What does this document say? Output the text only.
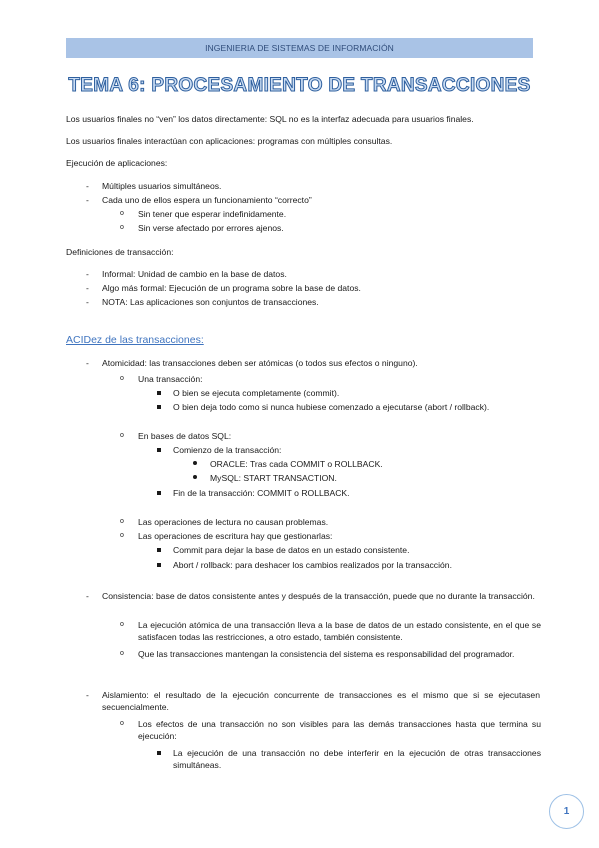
INGENIERIA DE SISTEMAS DE INFORMACIÓN
TEMA 6: PROCESAMIENTO DE TRANSACCIONES
Los usuarios finales no “ven” los datos directamente: SQL no es la interfaz adecuada para usuarios finales.
Los usuarios finales interactúan con aplicaciones: programas con múltiples consultas.
Ejecución de aplicaciones:
- Múltiples usuarios simultáneos.
- Cada uno de ellos espera un funcionamiento “correcto”
o Sin tener que esperar indefinidamente.
o Sin verse afectado por errores ajenos.
Definiciones de transacción:
- Informal: Unidad de cambio en la base de datos.
- Algo más formal: Ejecución de un programa sobre la base de datos.
- NOTA: Las aplicaciones son conjuntos de transacciones.
ACIDez de las transacciones:
- Atomicidad: las transacciones deben ser atómicas (o todos sus efectos o ninguno).
o Una transacción:
O bien se ejecuta completamente (commit).
O bien deja todo como si nunca hubiese comenzado a ejecutarse (abort / rollback).
o En bases de datos SQL:
Comienzo de la transacción:
ORACLE: Tras cada COMMIT o ROLLBACK.
MySQL: START TRANSACTION.
Fin de la transacción: COMMIT o ROLLBACK.
o Las operaciones de lectura no causan problemas.
o Las operaciones de escritura hay que gestionarlas:
Commit para dejar la base de datos en un estado consistente.
Abort / rollback: para deshacer los cambios realizados por la transacción.
- Consistencia: base de datos consistente antes y después de la transacción, puede que no durante la transacción.
o La ejecución atómica de una transacción lleva a la base de datos de un estado consistente, en el que se satisfacen todas las restricciones, a otro estado, también consistente.
o Que las transacciones mantengan la consistencia del sistema es responsabilidad del programador.
- Aislamiento: el resultado de la ejecución concurrente de transacciones es el mismo que si se ejecutasen secuencialmente.
o Los efectos de una transacción no son visibles para las demás transacciones hasta que termina su ejecución:
La ejecución de una transacción no debe interferir en la ejecución de otras transacciones simultáneas.
1
